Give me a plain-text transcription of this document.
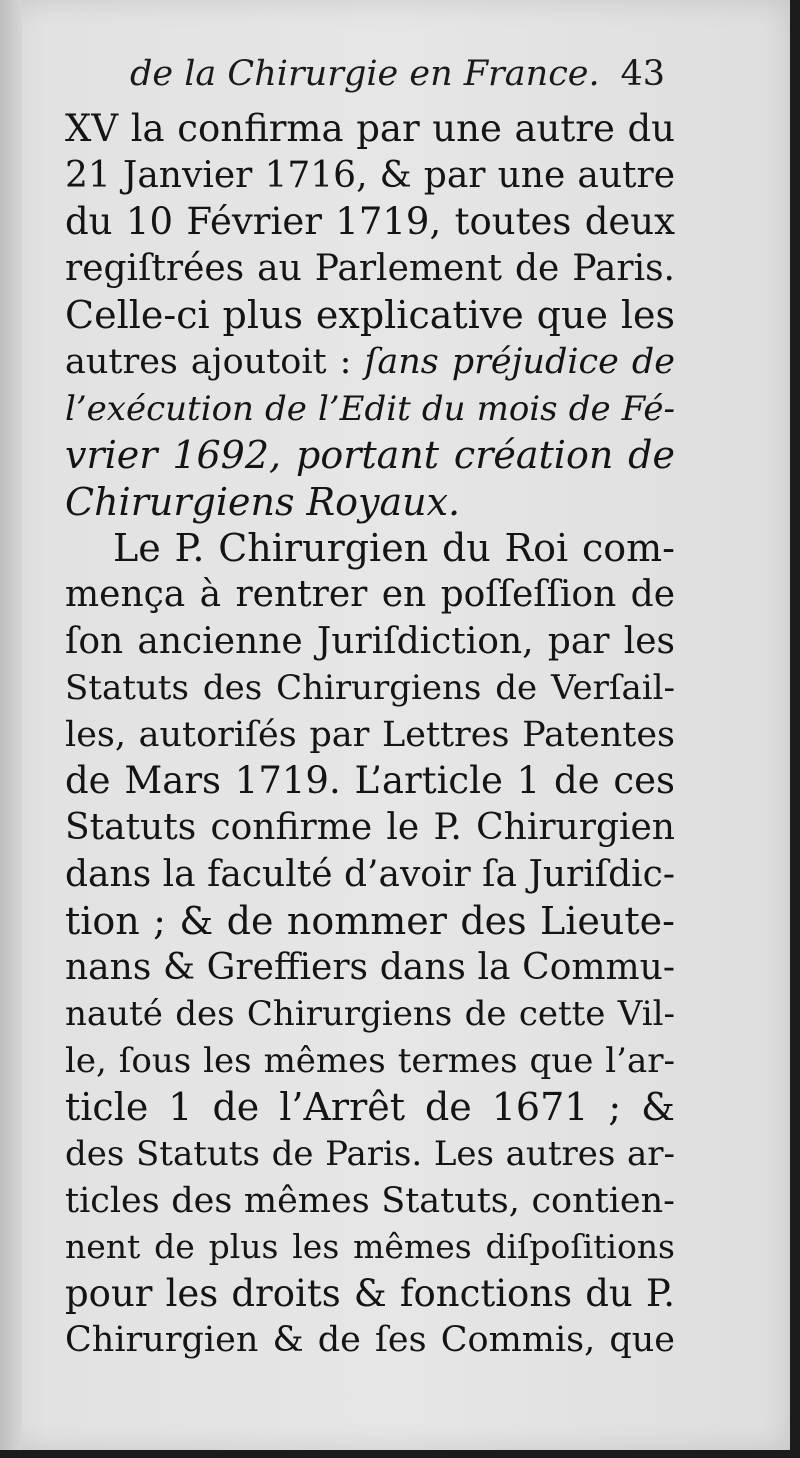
de la Chirurgie en France. 43
XV la confirma par une autre du
21 Janvier 1716, & par une autre
du 10 Février 1719, toutes deux
regiſtrées au Parlement de Paris.
Celle-ci plus explicative que les
autres ajoutoit : ſans préjudice de
l’exécution de l’Edit du mois de Fé-
vrier 1692, portant création de
Chirurgiens Royaux.
Le P. Chirurgien du Roi com-
mença à rentrer en poſſeſſion de
ſon ancienne Juriſdiction, par les
Statuts des Chirurgiens de Verſail-
les, autoriſés par Lettres Patentes
de Mars 1719. L’article 1 de ces
Statuts confirme le P. Chirurgien
dans la faculté d’avoir ſa Juriſdic-
tion ; & de nommer des Lieute-
nans & Greffiers dans la Commu-
nauté des Chirurgiens de cette Vil-
le, ſous les mêmes termes que l’ar-
ticle 1 de l’Arrêt de 1671 ; &
des Statuts de Paris. Les autres ar-
ticles des mêmes Statuts, contien-
nent de plus les mêmes diſpoſitions
pour les droits & fonctions du P.
Chirurgien & de ſes Commis, que
